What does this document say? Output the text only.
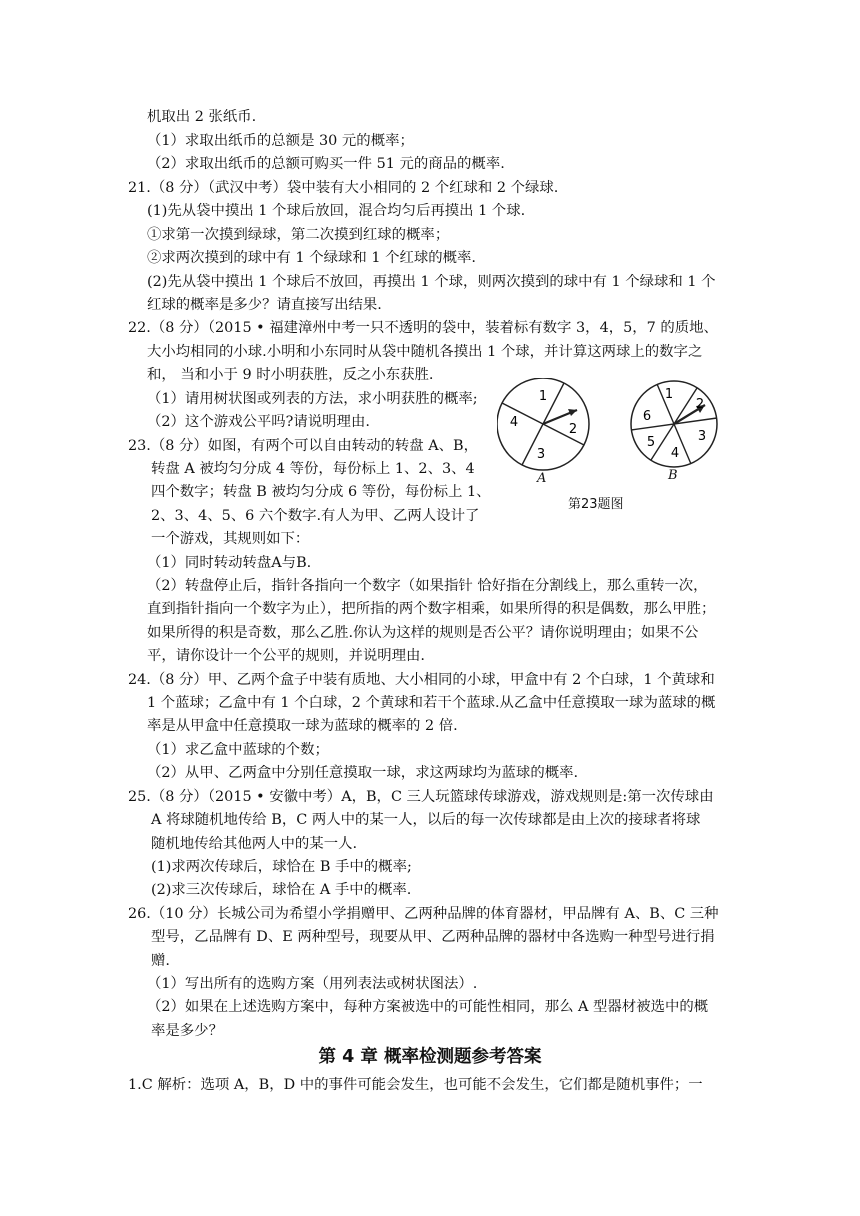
机取出 2 张纸币.
（1）求取出纸币的总额是 30 元的概率；
（2）求取出纸币的总额可购买一件 51 元的商品的概率.
21.（8 分）（武汉中考）袋中装有大小相同的 2 个红球和 2 个绿球.
(1)先从袋中摸出 1 个球后放回，混合均匀后再摸出 1 个球.
①求第一次摸到绿球，第二次摸到红球的概率；
②求两次摸到的球中有 1 个绿球和 1 个红球的概率.
(2)先从袋中摸出 1 个球后不放回，再摸出 1 个球，则两次摸到的球中有 1 个绿球和 1 个
红球的概率是多少？请直接写出结果.
22.（8 分）（2015 • 福建漳州中考一只不透明的袋中，装着标有数字 3，4，5，7 的质地、
大小均相同的小球.小明和小东同时从袋中随机各摸出 1 个球，并计算这两球上的数字之
和， 当和小于 9 时小明获胜，反之小东获胜.
（1）请用树状图或列表的方法，求小明获胜的概率;
（2）这个游戏公平吗?请说明理由.
23.（8 分）如图，有两个可以自由转动的转盘 A、B，
转盘 A 被均匀分成 4 等份，每份标上 1、2、3、4
四个数字；转盘 B 被均匀分成 6 等份，每份标上 1、
2、3、4、5、6 六个数字.有人为甲、乙两人设计了
一个游戏，其规则如下：
（1）同时转动转盘A与B.
（2）转盘停止后，指针各指向一个数字（如果指针 恰好指在分割线上，那么重转一次，
直到指针指向一个数字为止），把所指的两个数字相乘，如果所得的积是偶数，那么甲胜；
如果所得的积是奇数，那么乙胜.你认为这样的规则是否公平？请你说明理由；如果不公
平，请你设计一个公平的规则，并说明理由.
24.（8 分）甲、乙两个盒子中装有质地、大小相同的小球，甲盒中有 2 个白球，1 个黄球和
1 个蓝球；乙盒中有 1 个白球，2 个黄球和若干个蓝球.从乙盒中任意摸取一球为蓝球的概
率是从甲盒中任意摸取一球为蓝球的概率的 2 倍.
（1）求乙盒中蓝球的个数；
（2）从甲、乙两盒中分别任意摸取一球，求这两球均为蓝球的概率.
25.（8 分）（2015 • 安徽中考）A，B，C 三人玩篮球传球游戏，游戏规则是:第一次传球由
A 将球随机地传给 B，C 两人中的某一人，以后的每一次传球都是由上次的接球者将球
随机地传给其他两人中的某一人.
(1)求两次传球后，球恰在 B 手中的概率;
(2)求三次传球后，球恰在 A 手中的概率.
26.（10 分）长城公司为希望小学捐赠甲、乙两种品牌的体育器材，甲品牌有 A、B、C 三种
型号，乙品牌有 D、E 两种型号，现要从甲、乙两种品牌的器材中各选购一种型号进行捐
赠.
（1）写出所有的选购方案（用列表法或树状图法）.
（2）如果在上述选购方案中，每种方案被选中的可能性相同，那么 A 型器材被选中的概
率是多少？
第 4 章 概率检测题参考答案
1.C 解析：选项 A，B，D 中的事件可能会发生，也可能不会发生，它们都是随机事件；一
1
2
3
4
1
2
3
4
5
6
A	B
第23题图
